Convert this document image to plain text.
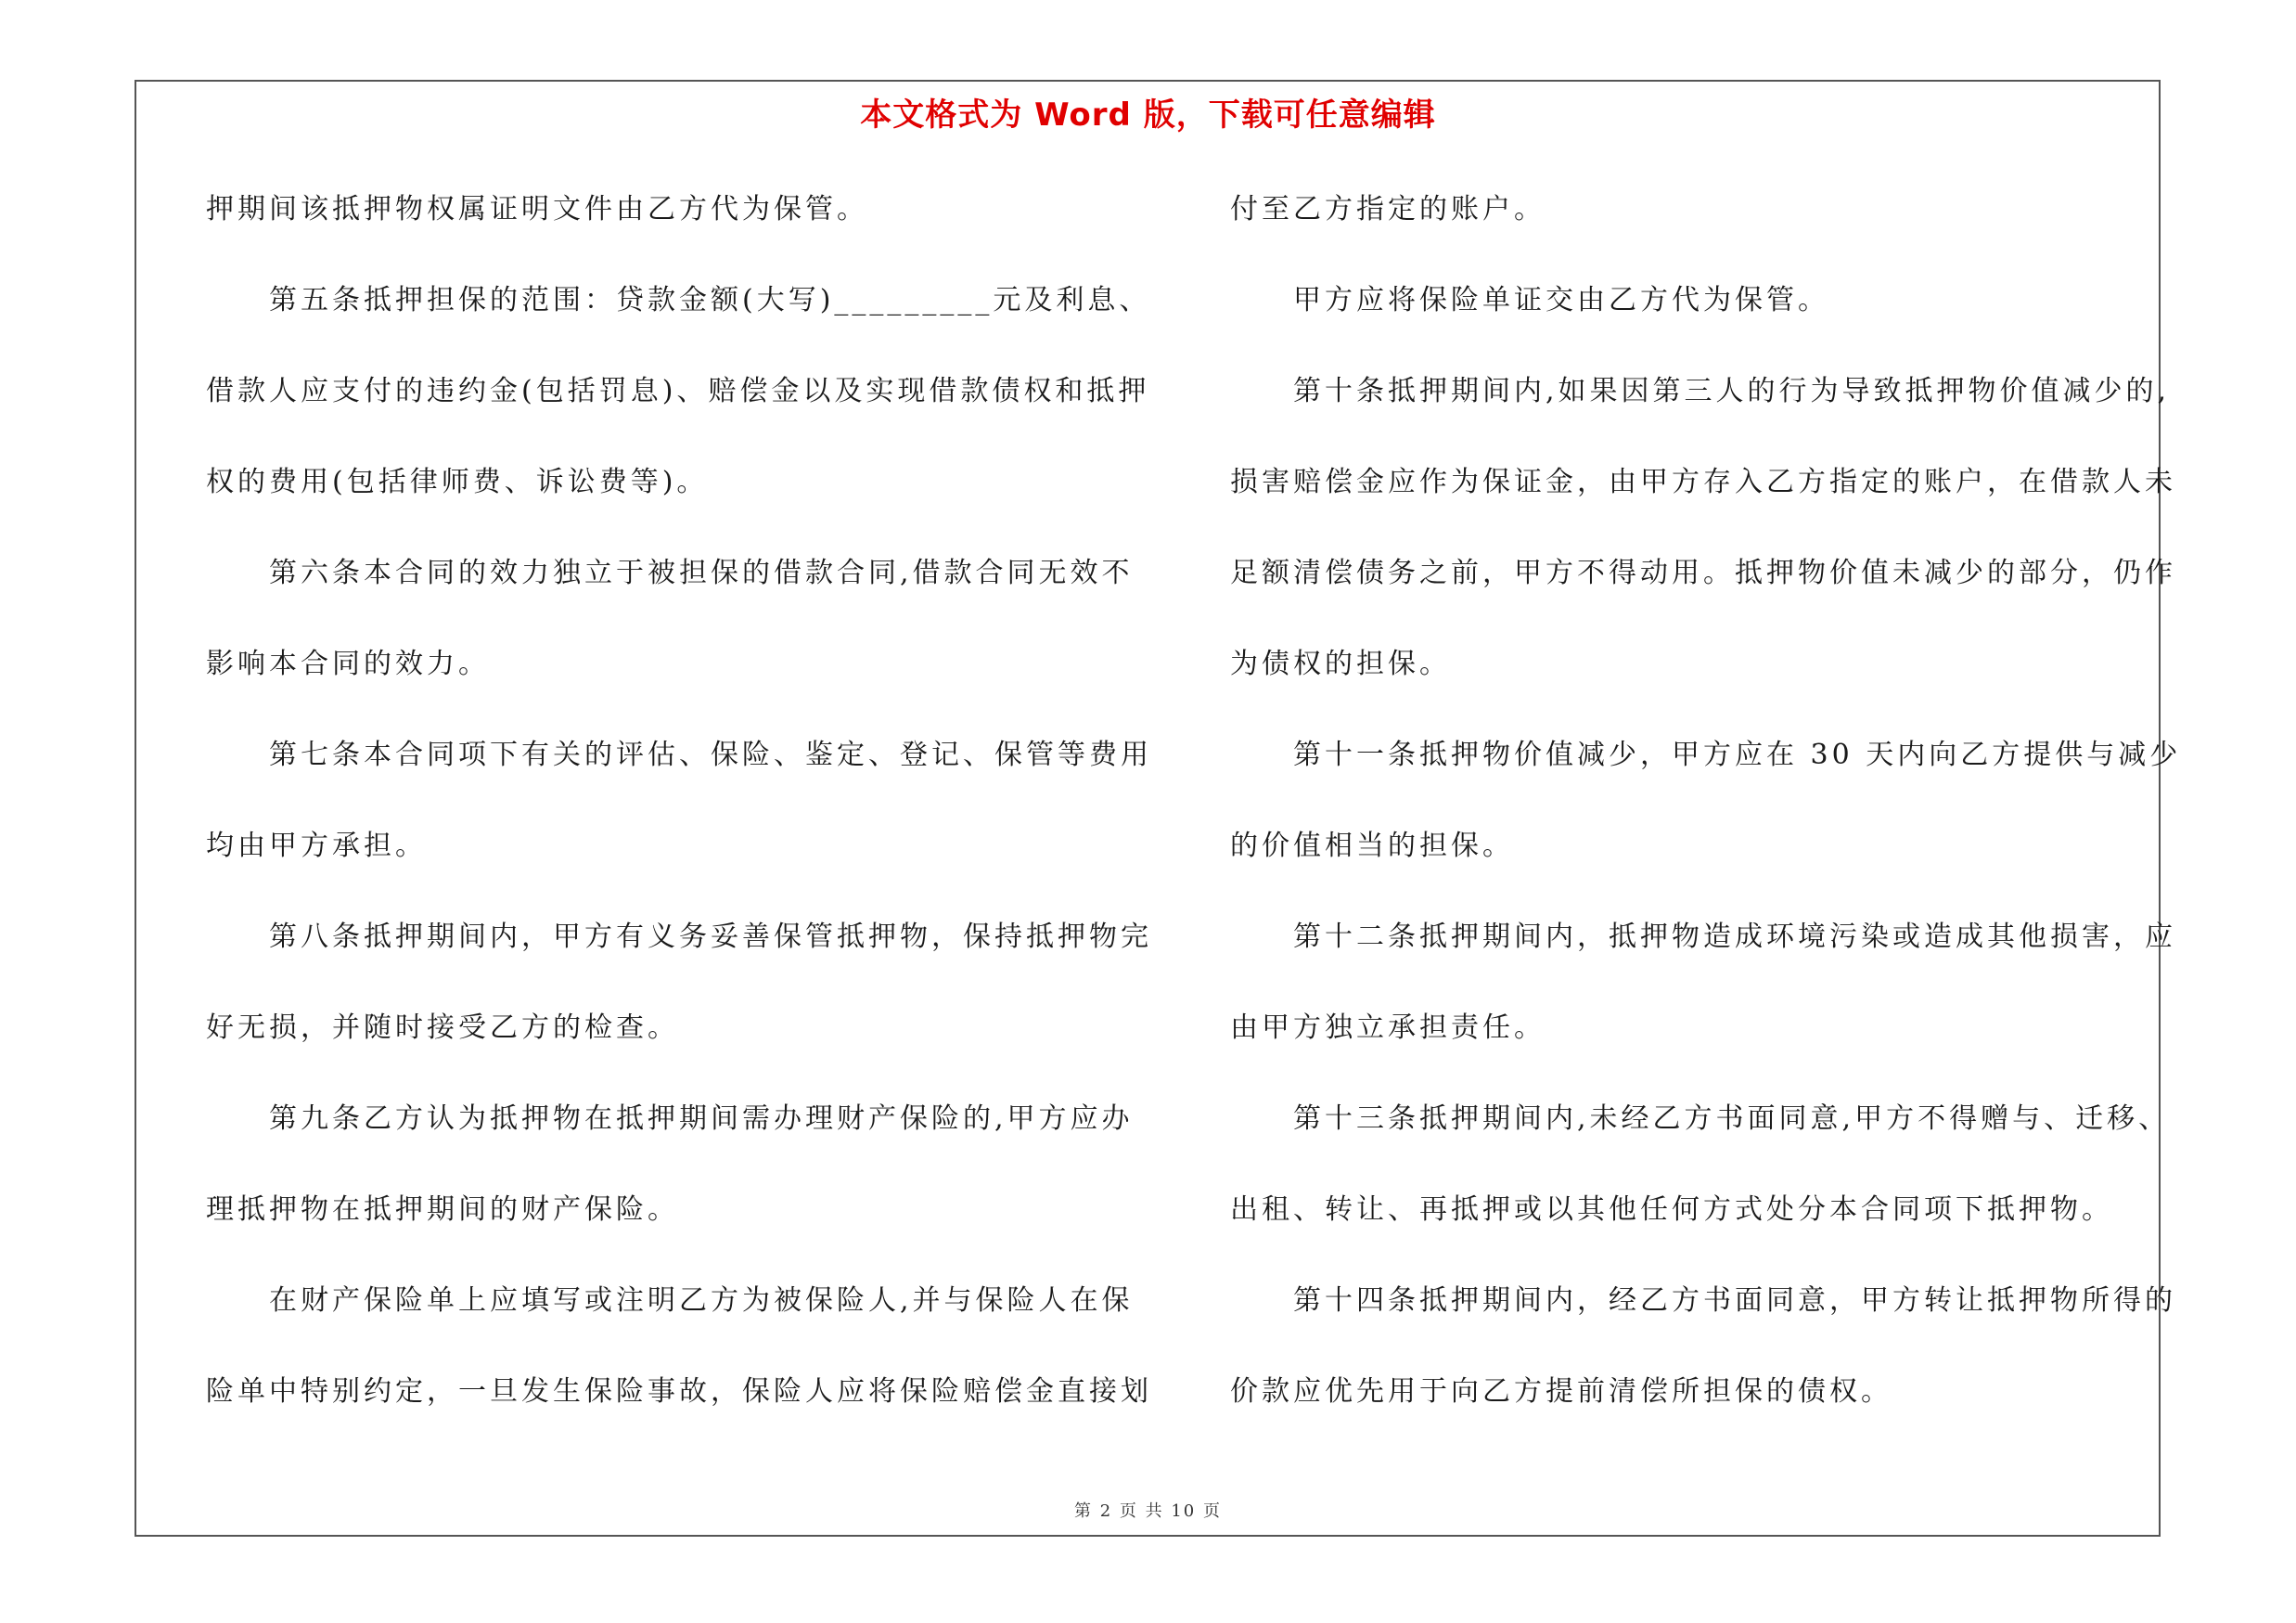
本文格式为 Word 版，下载可任意编辑
押期间该抵押物权属证明文件由乙方代为保管。
第五条抵押担保的范围：贷款金额(大写)_________元及利息、
借款人应支付的违约金(包括罚息)、赔偿金以及实现借款债权和抵押
权的费用(包括律师费、诉讼费等)。
第六条本合同的效力独立于被担保的借款合同,借款合同无效不
影响本合同的效力。
第七条本合同项下有关的评估、保险、鉴定、登记、保管等费用
均由甲方承担。
第八条抵押期间内，甲方有义务妥善保管抵押物，保持抵押物完
好无损，并随时接受乙方的检查。
第九条乙方认为抵押物在抵押期间需办理财产保险的,甲方应办
理抵押物在抵押期间的财产保险。
在财产保险单上应填写或注明乙方为被保险人,并与保险人在保
险单中特别约定，一旦发生保险事故，保险人应将保险赔偿金直接划
付至乙方指定的账户。
甲方应将保险单证交由乙方代为保管。
第十条抵押期间内,如果因第三人的行为导致抵押物价值减少的,
损害赔偿金应作为保证金，由甲方存入乙方指定的账户，在借款人未
足额清偿债务之前，甲方不得动用。抵押物价值未减少的部分，仍作
为债权的担保。
第十一条抵押物价值减少，甲方应在 30 天内向乙方提供与减少
的价值相当的担保。
第十二条抵押期间内，抵押物造成环境污染或造成其他损害，应
由甲方独立承担责任。
第十三条抵押期间内,未经乙方书面同意,甲方不得赠与、迁移、
出租、转让、再抵押或以其他任何方式处分本合同项下抵押物。
第十四条抵押期间内，经乙方书面同意，甲方转让抵押物所得的
价款应优先用于向乙方提前清偿所担保的债权。
第 2 页 共 10 页
